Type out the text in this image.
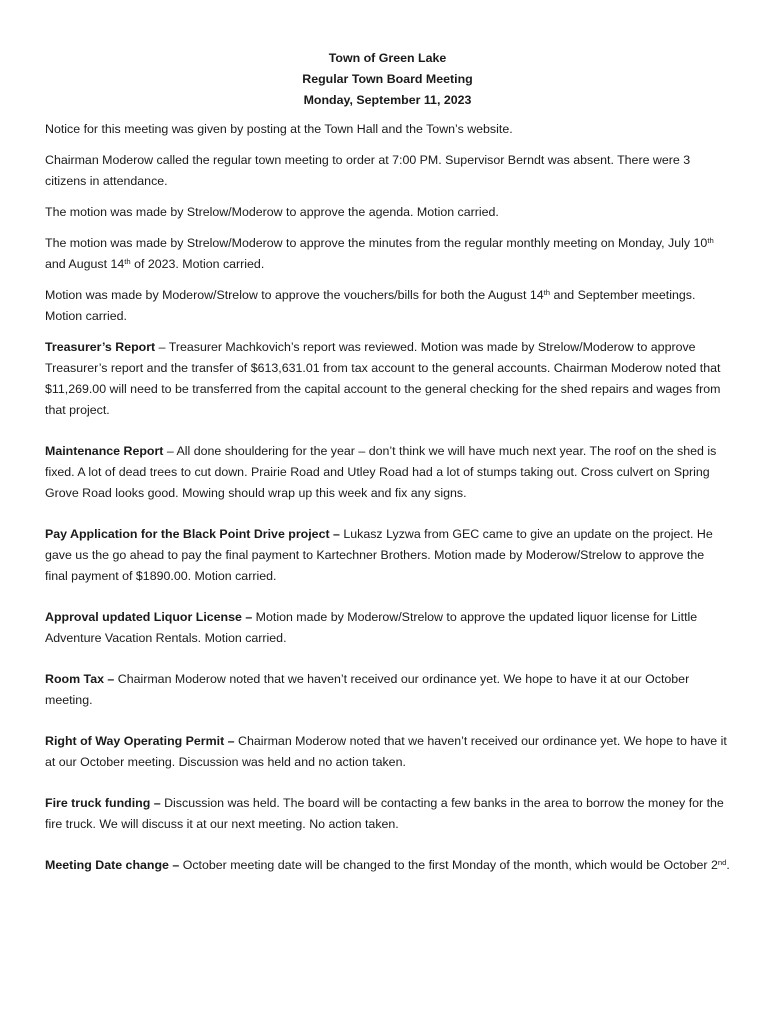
Town of Green Lake
Regular Town Board Meeting
Monday, September 11, 2023

Notice for this meeting was given by posting at the Town Hall and the Town’s website.

Chairman Moderow called the regular town meeting to order at 7:00 PM. Supervisor Berndt was absent. There were 3 citizens in attendance.

The motion was made by Strelow/Moderow to approve the agenda. Motion carried.

The motion was made by Strelow/Moderow to approve the minutes from the regular monthly meeting on Monday, July 10th and August 14th of 2023. Motion carried.

Motion was made by Moderow/Strelow to approve the vouchers/bills for both the August 14th and September meetings. Motion carried.

Treasurer’s Report – Treasurer Machkovich’s report was reviewed. Motion was made by Strelow/Moderow to approve Treasurer’s report and the transfer of $613,631.01 from tax account to the general accounts. Chairman Moderow noted that $11,269.00 will need to be transferred from the capital account to the general checking for the shed repairs and wages from that project.

Maintenance Report – All done shouldering for the year – don’t think we will have much next year. The roof on the shed is fixed. A lot of dead trees to cut down. Prairie Road and Utley Road had a lot of stumps taking out. Cross culvert on Spring Grove Road looks good. Mowing should wrap up this week and fix any signs.

Pay Application for the Black Point Drive project – Lukasz Lyzwa from GEC came to give an update on the project. He gave us the go ahead to pay the final payment to Kartechner Brothers. Motion made by Moderow/Strelow to approve the final payment of $1890.00. Motion carried.

Approval updated Liquor License – Motion made by Moderow/Strelow to approve the updated liquor license for Little Adventure Vacation Rentals. Motion carried.

Room Tax – Chairman Moderow noted that we haven’t received our ordinance yet. We hope to have it at our October meeting.

Right of Way Operating Permit – Chairman Moderow noted that we haven’t received our ordinance yet. We hope to have it at our October meeting. Discussion was held and no action taken.

Fire truck funding – Discussion was held. The board will be contacting a few banks in the area to borrow the money for the fire truck. We will discuss it at our next meeting. No action taken.

Meeting Date change – October meeting date will be changed to the first Monday of the month, which would be October 2nd.
